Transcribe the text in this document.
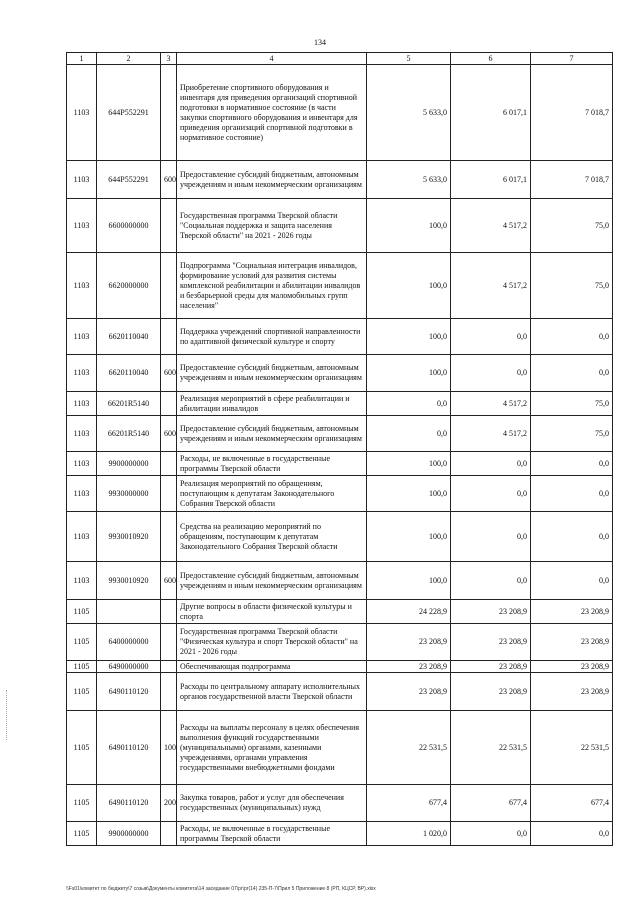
134
1	2	3	4	5	6	7
1103	644P552291		Приобретение спортивного оборудования и инвентаря для приведения организаций спортивной подготовки в нормативное состояние (в части закупки спортивного оборудования и инвентаря для приведения организаций спортивной подготовки в нормативное состояние)	5 633,0	6 017,1	7 018,7
1103	644P552291	600	Предоставление субсидий бюджетным, автономным учреждениям и иным некоммерческим организациям	5 633,0	6 017,1	7 018,7
1103	6600000000		Государственная программа Тверской области "Социальная поддержка и защита населения Тверской области" на 2021 - 2026 годы	100,0	4 517,2	75,0
1103	6620000000		Подпрограмма "Социальная интеграция инвалидов, формирование условий для развития системы комплексной реабилитации и абилитации инвалидов и безбарьерной среды для маломобильных групп населения"	100,0	4 517,2	75,0
1103	6620110040		Поддержка учреждений спортивной направленности по адаптивной физической культуре и спорту	100,0	0,0	0,0
1103	6620110040	600	Предоставление субсидий бюджетным, автономным учреждениям и иным некоммерческим организациям	100,0	0,0	0,0
1103	66201R5140		Реализация мероприятий в сфере реабилитации и абилитации инвалидов	0,0	4 517,2	75,0
1103	66201R5140	600	Предоставление субсидий бюджетным, автономным учреждениям и иным некоммерческим организациям	0,0	4 517,2	75,0
1103	9900000000		Расходы, не включенные в государственные программы Тверской области	100,0	0,0	0,0
1103	9930000000		Реализация мероприятий по обращениям, поступающим к депутатам Законодательного Собрания Тверской области	100,0	0,0	0,0
1103	9930010920		Средства на реализацию мероприятий по обращениям, поступающим к депутатам Законодательного Собрания Тверской области	100,0	0,0	0,0
1103	9930010920	600	Предоставление субсидий бюджетным, автономным учреждениям и иным некоммерческим организациям	100,0	0,0	0,0
1105			Другие вопросы в области физической культуры и спорта	24 228,9	23 208,9	23 208,9
1105	6400000000		Государственная программа Тверской области "Физическая культура и спорт Тверской области" на 2021 - 2026 годы	23 208,9	23 208,9	23 208,9
1105	6490000000		Обеспечивающая подпрограмма	23 208,9	23 208,9	23 208,9
1105	6490110120		Расходы по центральному аппарату исполнительных органов государственной власти Тверской области	23 208,9	23 208,9	23 208,9
1105	6490110120	100	Расходы на выплаты персоналу в целях обеспечения выполнения функций государственными (муниципальными) органами, казенными учреждениями, органами управления государственными внебюджетными фондами	22 531,5	22 531,5	22 531,5
1105	6490110120	200	Закупка товаров, работ и услуг для обеспечения государственных (муниципальных) нужд	677,4	677,4	677,4
1105	9900000000		Расходы, не включенные в государственные программы Тверской области	1 020,0	0,0	0,0
\\Fs01\комитет по бюджету\7 созыв\Документы комитета\14 заседание 07\pr\pr(14) 235-П-7\Прил 5 Приложение 8 (РП, КЦСР, ВР).xlsx
